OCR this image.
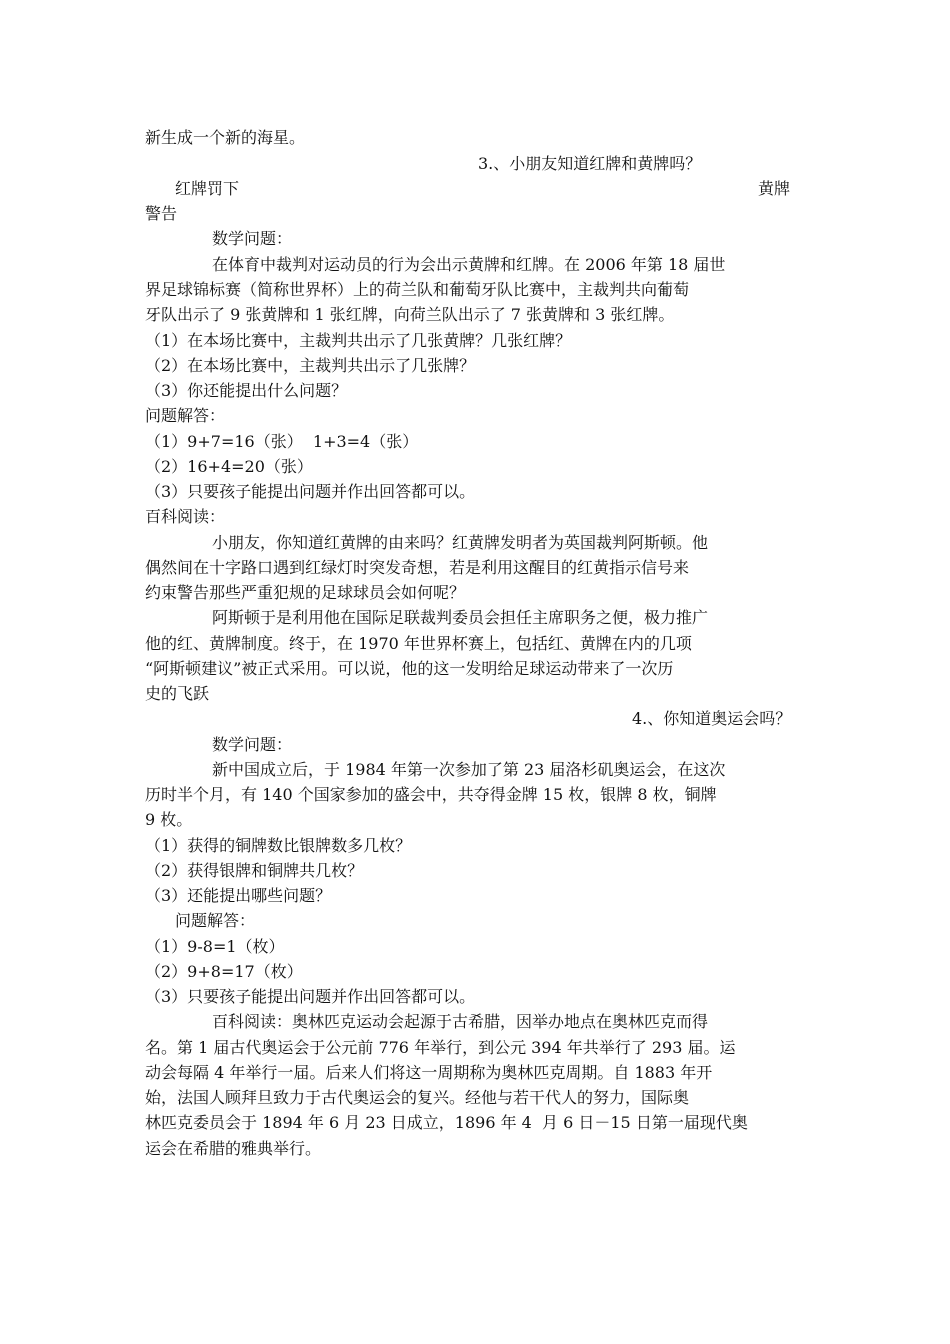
新生成一个新的海星。
3.、小朋友知道红牌和黄牌吗？
红牌罚下	黄牌
警告
数学问题：
在体育中裁判对运动员的行为会出示黄牌和红牌。在 2006 年第 18 届世
界足球锦标赛（简称世界杯）上的荷兰队和葡萄牙队比赛中，主裁判共向葡萄
牙队出示了 9 张黄牌和 1 张红牌，向荷兰队出示了 7 张黄牌和 3 张红牌。
（1）在本场比赛中，主裁判共出示了几张黄牌？几张红牌？
（2）在本场比赛中，主裁判共出示了几张牌？
（3）你还能提出什么问题？
问题解答：
（1）9+7=16（张）  1+3=4（张）
（2）16+4=20（张）
（3）只要孩子能提出问题并作出回答都可以。
百科阅读：
小朋友，你知道红黄牌的由来吗？红黄牌发明者为英国裁判阿斯顿。他
偶然间在十字路口遇到红绿灯时突发奇想，若是利用这醒目的红黄指示信号来
约束警告那些严重犯规的足球球员会如何呢？
阿斯顿于是利用他在国际足联裁判委员会担任主席职务之便，极力推广
他的红、黄牌制度。终于，在 1970 年世界杯赛上，包括红、黄牌在内的几项
“阿斯顿建议”被正式采用。可以说，他的这一发明给足球运动带来了一次历
史的飞跃
4.、你知道奥运会吗？
数学问题：
新中国成立后，于 1984 年第一次参加了第 23 届洛杉矶奥运会，在这次
历时半个月，有 140 个国家参加的盛会中，共夺得金牌 15 枚，银牌 8 枚，铜牌
9 枚。
（1）获得的铜牌数比银牌数多几枚？
（2）获得银牌和铜牌共几枚？
（3）还能提出哪些问题？
问题解答：
（1）9-8=1（枚）
（2）9+8=17（枚）
（3）只要孩子能提出问题并作出回答都可以。
百科阅读：奥林匹克运动会起源于古希腊，因举办地点在奥林匹克而得
名。第 1 届古代奥运会于公元前 776 年举行，到公元 394 年共举行了 293 届。运
动会每隔 4 年举行一届。后来人们将这一周期称为奥林匹克周期。自 1883 年开
始，法国人顾拜旦致力于古代奥运会的复兴。经他与若干代人的努力，国际奥
林匹克委员会于 1894 年 6 月 23 日成立，1896 年 4  月 6 日－15 日第一届现代奥
运会在希腊的雅典举行。
